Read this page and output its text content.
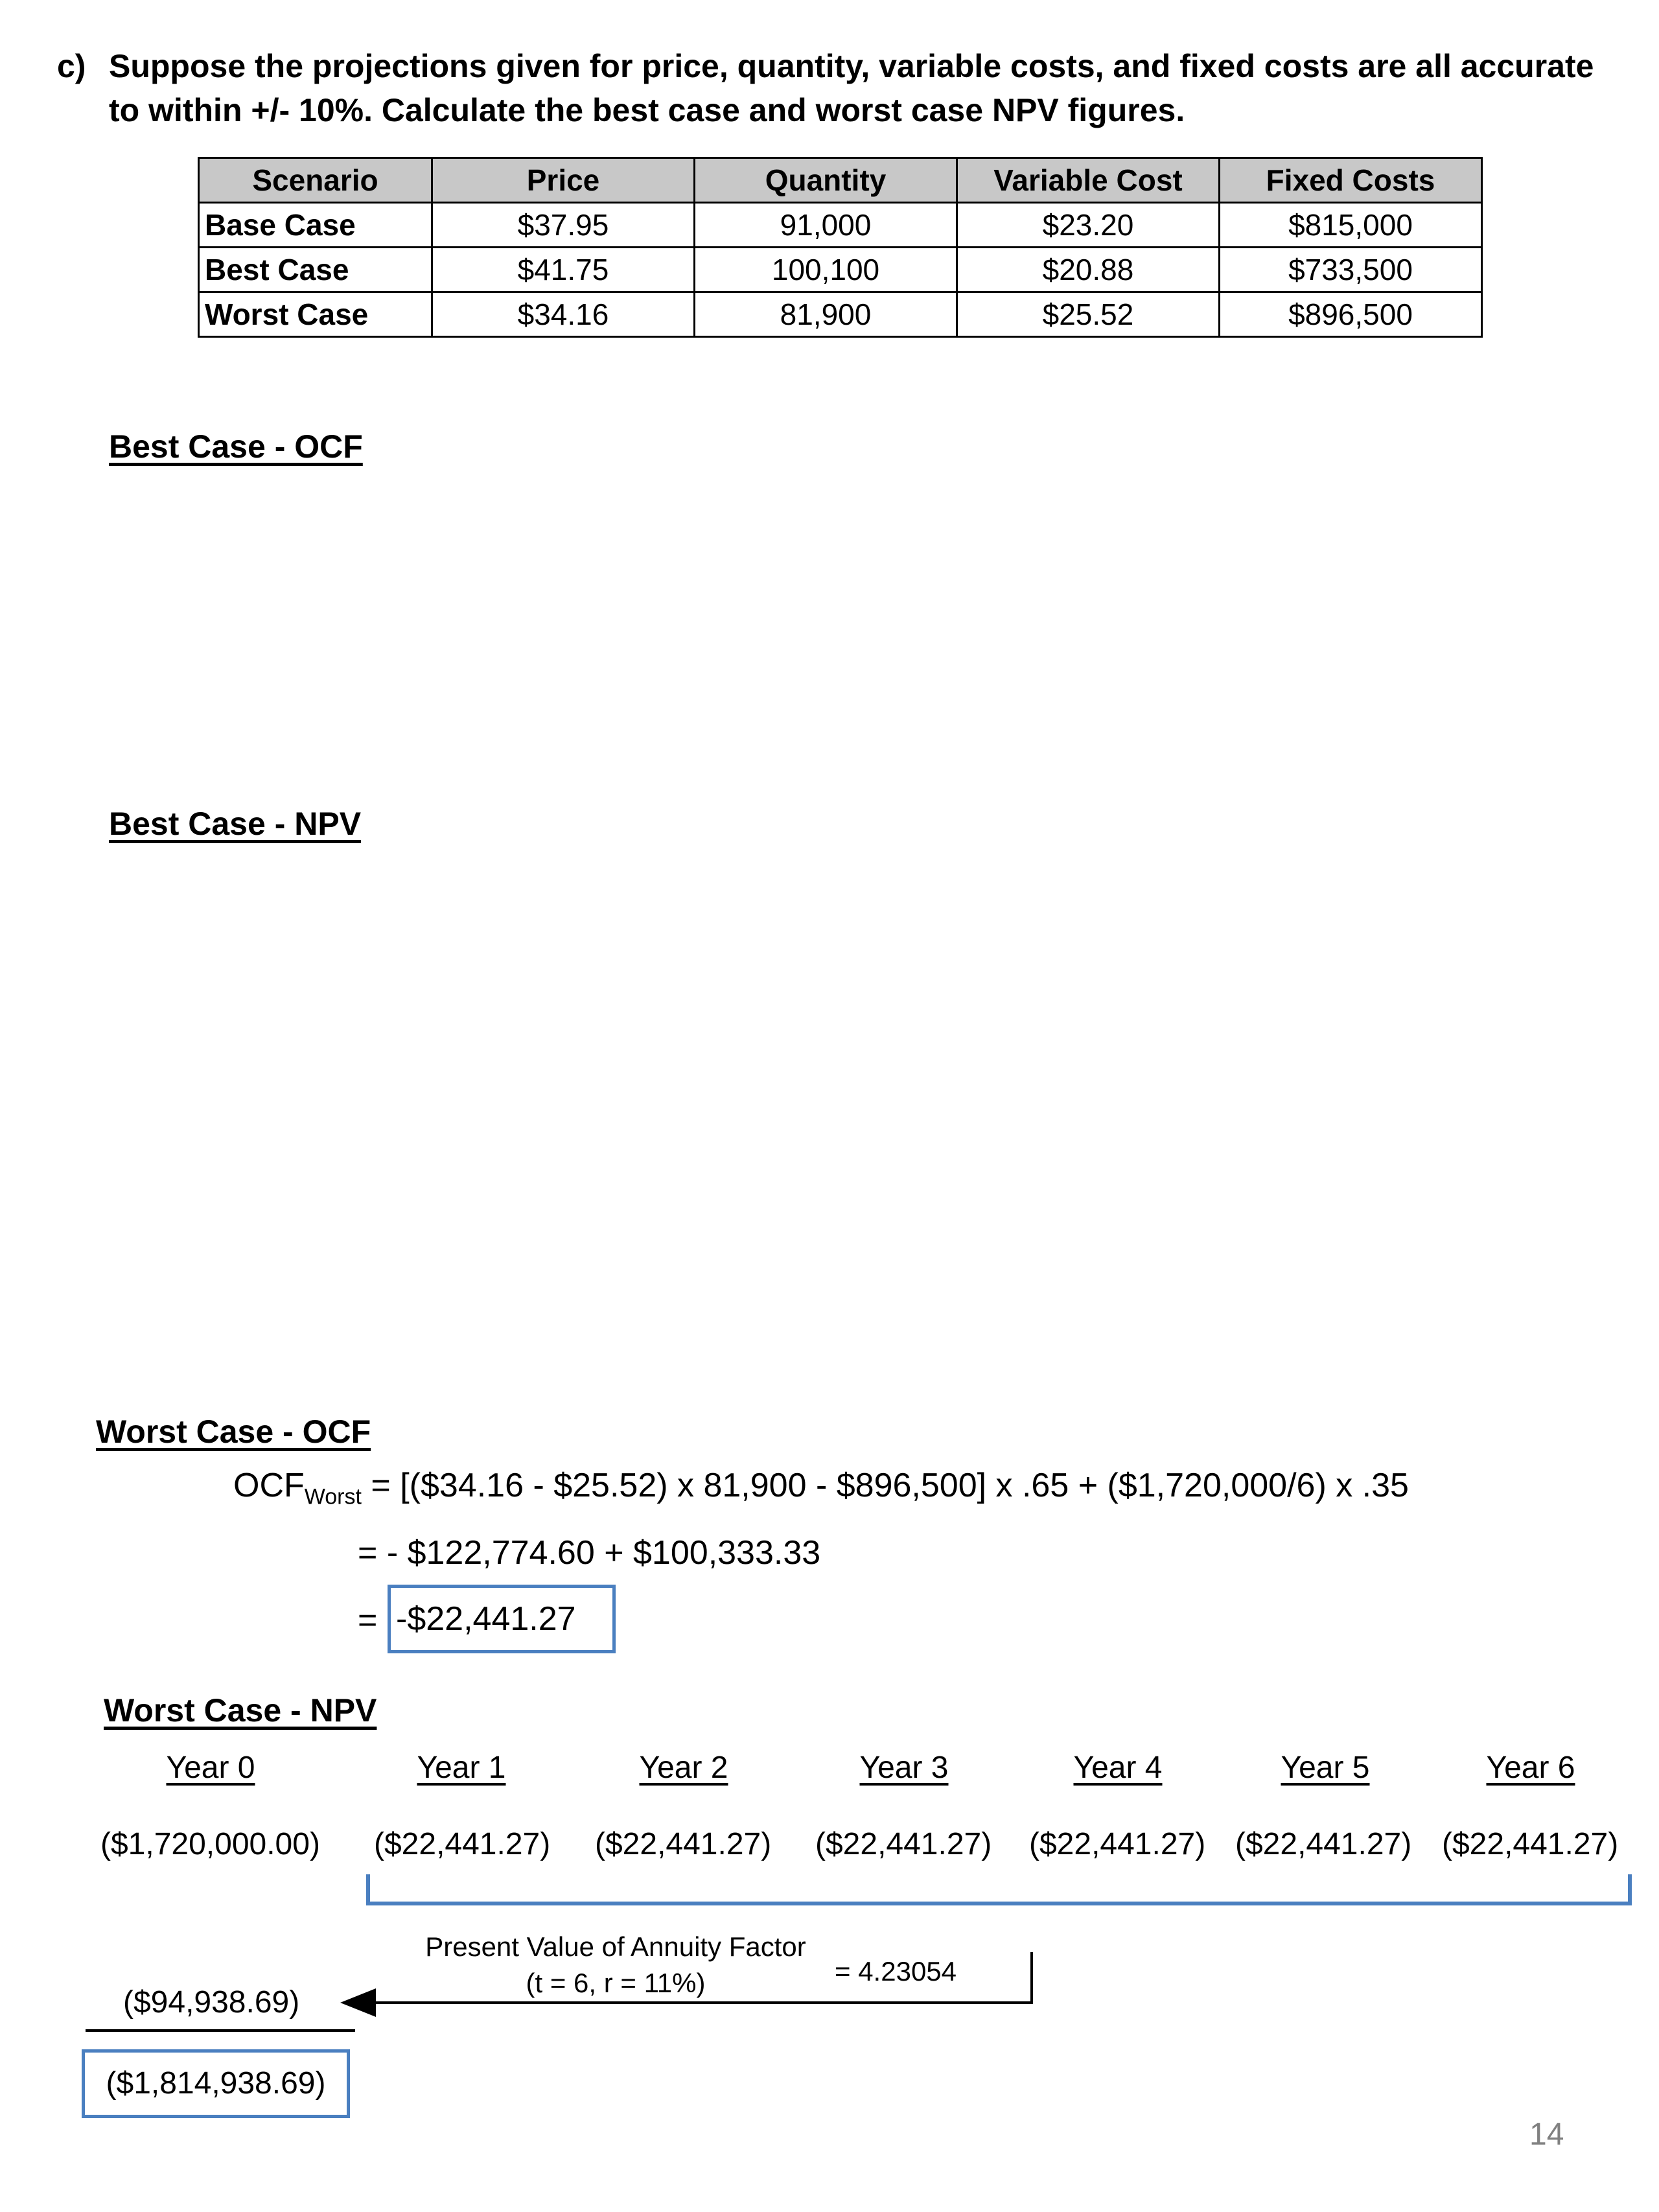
c) Suppose the projections given for price, quantity, variable costs, and fixed costs are all accurate
to within +/- 10%. Calculate the best case and worst case NPV figures.
Scenario	Price	Quantity	Variable Cost	Fixed Costs
Base Case	$37.95	91,000	$23.20	$815,000
Best Case	$41.75	100,100	$20.88	$733,500
Worst Case	$34.16	81,900	$25.52	$896,500
Best Case - OCF
Best Case - NPV
Worst Case - OCF
$OCF_{Worst}$ = [($34.16 - $25.52) x 81,900 - $896,500] x .65 + ($1,720,000/6) x .35
= - $122,774.60 + $100,333.33
= -$22,441.27
Worst Case - NPV
Year 0	Year 1	Year 2	Year 3	Year 4	Year 5	Year 6
($1,720,000.00) ($22,441.27) ($22,441.27) ($22,441.27) ($22,441.27) ($22,441.27) ($22,441.27)
Present Value of Annuity Factor
(t = 6, r = 11%)	= 4.23054
($94,938.69)
($1,814,938.69)
14
